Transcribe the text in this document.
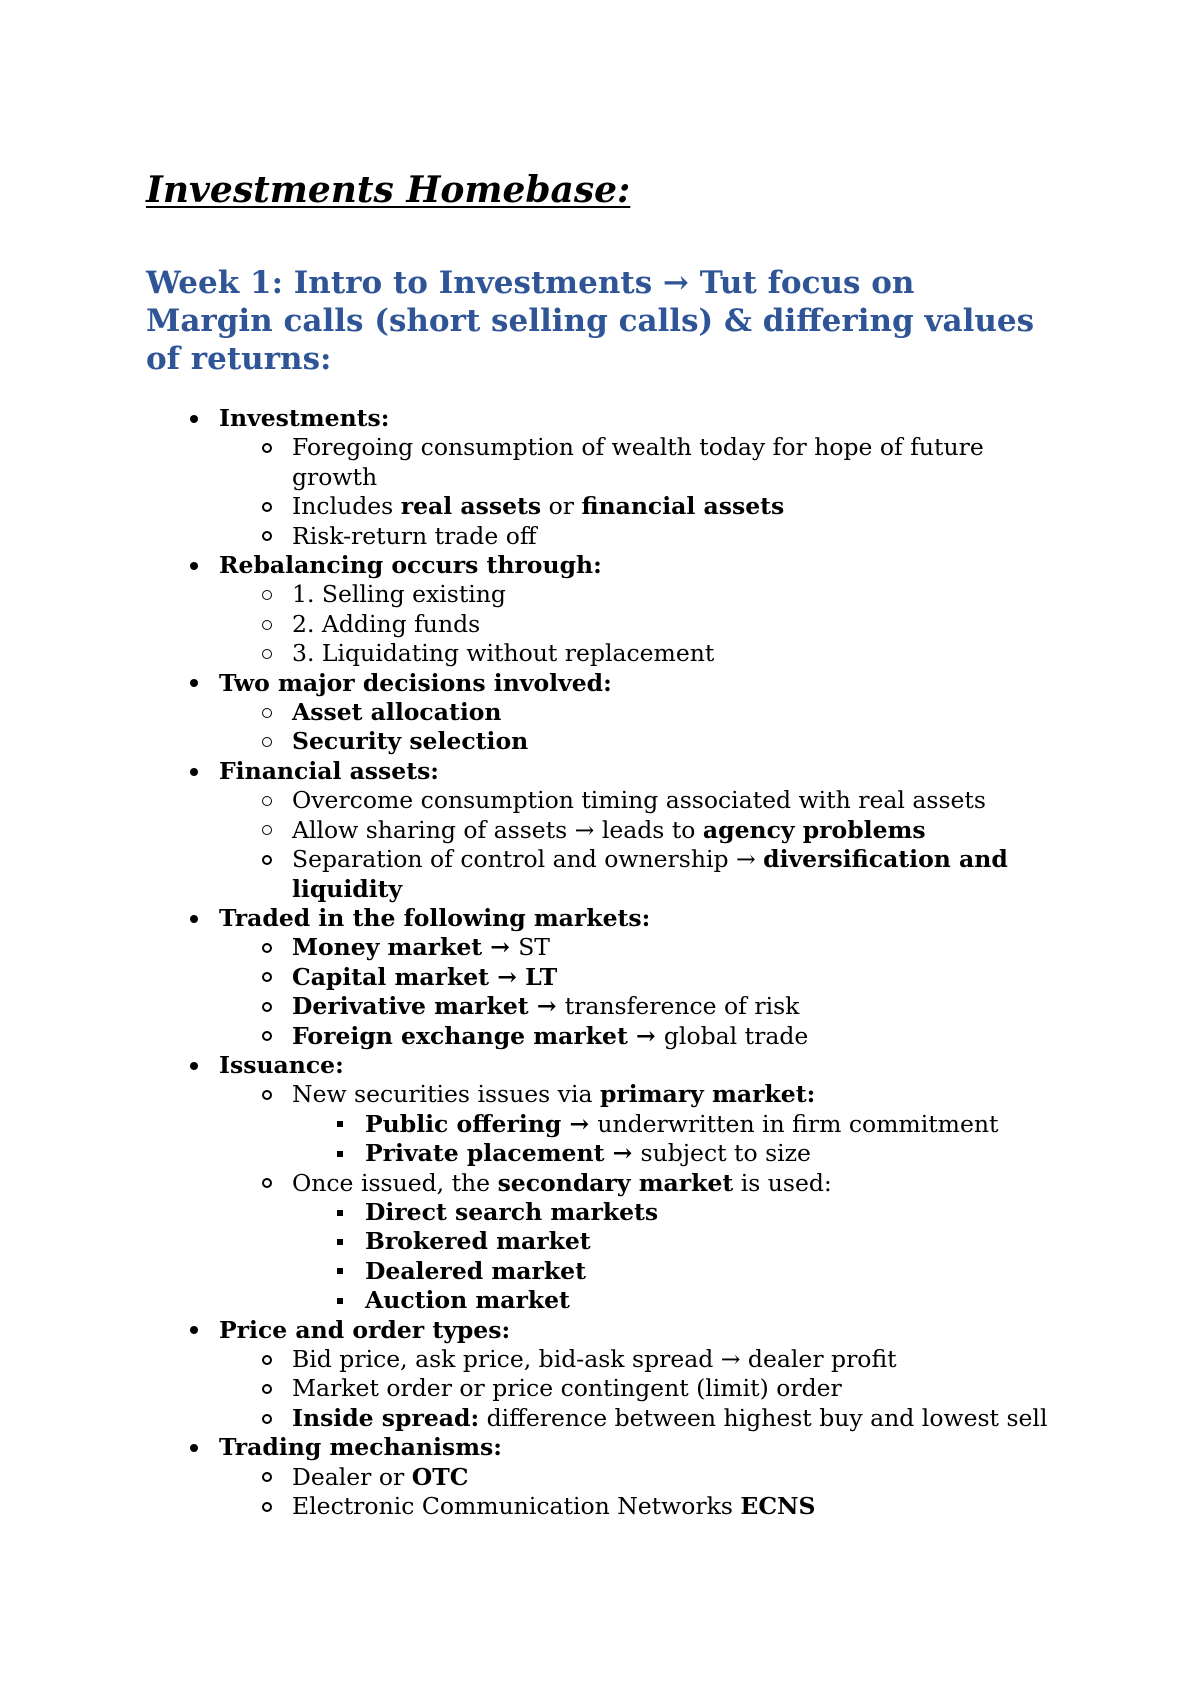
Investments Homebase:
Week 1: Intro to Investments → Tut focus on Margin calls (short selling calls) & differing values of returns:
Investments:
Foregoing consumption of wealth today for hope of future growth
Includes real assets or financial assets
Risk-return trade off
Rebalancing occurs through:
1. Selling existing
2. Adding funds
3. Liquidating without replacement
Two major decisions involved:
Asset allocation
Security selection
Financial assets:
Overcome consumption timing associated with real assets
Allow sharing of assets → leads to agency problems
Separation of control and ownership → diversification and liquidity
Traded in the following markets:
Money market → ST
Capital market → LT
Derivative market → transference of risk
Foreign exchange market → global trade
Issuance:
New securities issues via primary market:
Public offering → underwritten in firm commitment
Private placement → subject to size
Once issued, the secondary market is used:
Direct search markets
Brokered market
Dealered market
Auction market
Price and order types:
Bid price, ask price, bid-ask spread → dealer profit
Market order or price contingent (limit) order
Inside spread: difference between highest buy and lowest sell
Trading mechanisms:
Dealer or OTC
Electronic Communication Networks ECNS
